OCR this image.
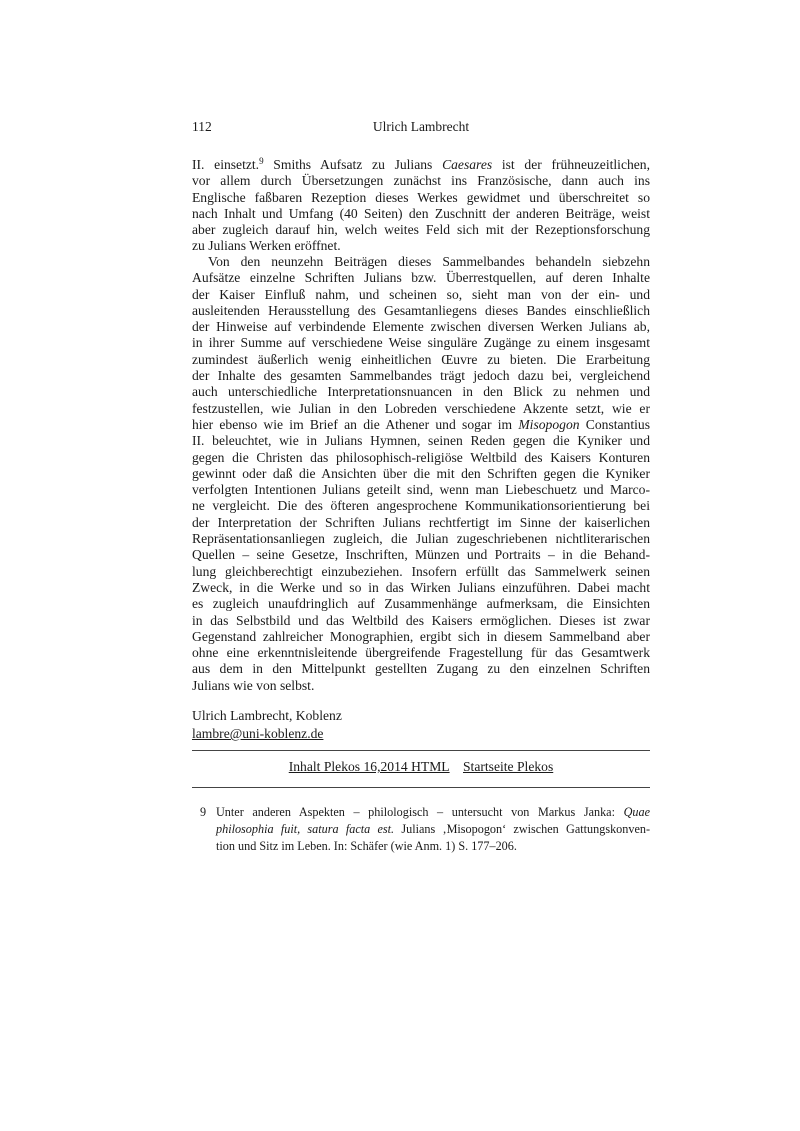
112	Ulrich Lambrecht
II. einsetzt.$^9$ Smiths Aufsatz zu Julians Caesares ist der frühneuzeitlichen,
vor allem durch Übersetzungen zunächst ins Französische, dann auch ins
Englische faßbaren Rezeption dieses Werkes gewidmet und überschreitet so
nach Inhalt und Umfang (40 Seiten) den Zuschnitt der anderen Beiträge, weist
aber zugleich darauf hin, welch weites Feld sich mit der Rezeptionsforschung
zu Julians Werken eröffnet.
Von den neunzehn Beiträgen dieses Sammelbandes behandeln siebzehn
Aufsätze einzelne Schriften Julians bzw. Überrestquellen, auf deren Inhalte
der Kaiser Einfluß nahm, und scheinen so, sieht man von der ein- und
ausleitenden Herausstellung des Gesamtanliegens dieses Bandes einschließlich
der Hinweise auf verbindende Elemente zwischen diversen Werken Julians ab,
in ihrer Summe auf verschiedene Weise singuläre Zugänge zu einem insgesamt
zumindest äußerlich wenig einheitlichen Œuvre zu bieten. Die Erarbeitung
der Inhalte des gesamten Sammelbandes trägt jedoch dazu bei, vergleichend
auch unterschiedliche Interpretationsnuancen in den Blick zu nehmen und
festzustellen, wie Julian in den Lobreden verschiedene Akzente setzt, wie er
hier ebenso wie im Brief an die Athener und sogar im Misopogon Constantius
II. beleuchtet, wie in Julians Hymnen, seinen Reden gegen die Kyniker und
gegen die Christen das philosophisch-religiöse Weltbild des Kaisers Konturen
gewinnt oder daß die Ansichten über die mit den Schriften gegen die Kyniker
verfolgten Intentionen Julians geteilt sind, wenn man Liebeschuetz und Marco-
ne vergleicht. Die des öfteren angesprochene Kommunikationsorientierung bei
der Interpretation der Schriften Julians rechtfertigt im Sinne der kaiserlichen
Repräsentationsanliegen zugleich, die Julian zugeschriebenen nichtliterarischen
Quellen – seine Gesetze, Inschriften, Münzen und Portraits – in die Behand-
lung gleichberechtigt einzubeziehen. Insofern erfüllt das Sammelwerk seinen
Zweck, in die Werke und so in das Wirken Julians einzuführen. Dabei macht
es zugleich unaufdringlich auf Zusammenhänge aufmerksam, die Einsichten
in das Selbstbild und das Weltbild des Kaisers ermöglichen. Dieses ist zwar
Gegenstand zahlreicher Monographien, ergibt sich in diesem Sammelband aber
ohne eine erkenntnisleitende übergreifende Fragestellung für das Gesamtwerk
aus dem in den Mittelpunkt gestellten Zugang zu den einzelnen Schriften
Julians wie von selbst.
Ulrich Lambrecht, Koblenz
lambre@uni-koblenz.de
Inhalt Plekos 16,2014 HTML Startseite Plekos
9 Unter anderen Aspekten – philologisch – untersucht von Markus Janka: Quae
philosophia fuit, satura facta est. Julians ‚Misopogon‘ zwischen Gattungskonven-
tion und Sitz im Leben. In: Schäfer (wie Anm. 1) S. 177–206.
